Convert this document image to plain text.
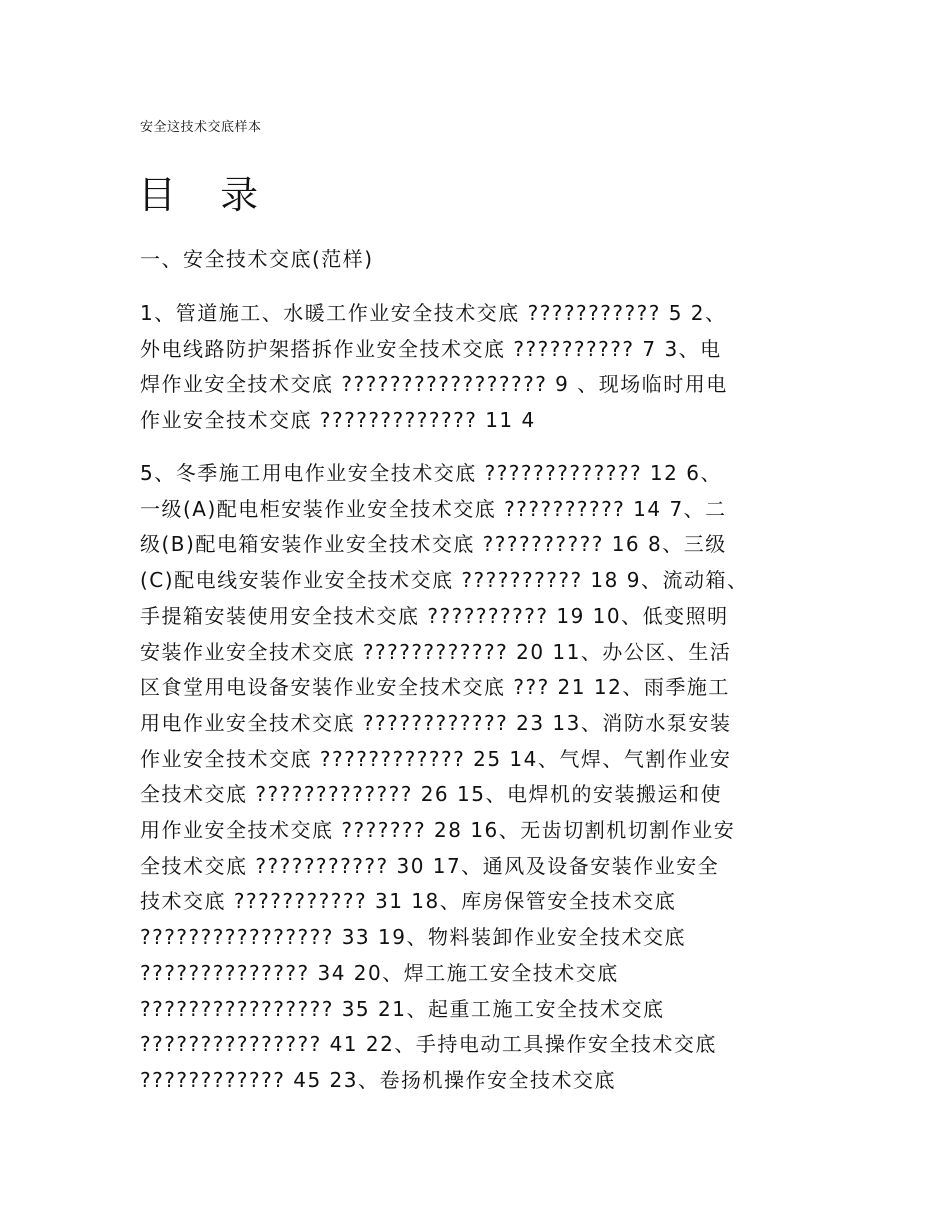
安全这技术交底样本
目 录
一、安全技术交底(范样)
1、管道施工、水暖工作业安全技术交底 ??????????? 5 2、
外电线路防护架搭拆作业安全技术交底 ?????????? 7 3、电
焊作业安全技术交底 ????????????????? 9 、现场临时用电
作业安全技术交底 ????????????? 11 4
5、冬季施工用电作业安全技术交底 ????????????? 12 6、
一级(A)配电柜安装作业安全技术交底 ?????????? 14 7、二
级(B)配电箱安装作业安全技术交底 ?????????? 16 8、三级
(C)配电线安装作业安全技术交底 ?????????? 18 9、流动箱、
手提箱安装使用安全技术交底 ?????????? 19 10、低变照明
安装作业安全技术交底 ???????????? 20 11、办公区、生活
区食堂用电设备安装作业安全技术交底 ??? 21 12、雨季施工
用电作业安全技术交底 ???????????? 23 13、消防水泵安装
作业安全技术交底 ???????????? 25 14、气焊、气割作业安
全技术交底 ????????????? 26 15、电焊机的安装搬运和使
用作业安全技术交底 ??????? 28 16、无齿切割机切割作业安
全技术交底 ??????????? 30 17、通风及设备安装作业安全
技术交底 ??????????? 31 18、库房保管安全技术交底
???????????????? 33 19、物料装卸作业安全技术交底
?????????????? 34 20、焊工施工安全技术交底
???????????????? 35 21、起重工施工安全技术交底
??????????????? 41 22、手持电动工具操作安全技术交底
???????????? 45 23、卷扬机操作安全技术交底
